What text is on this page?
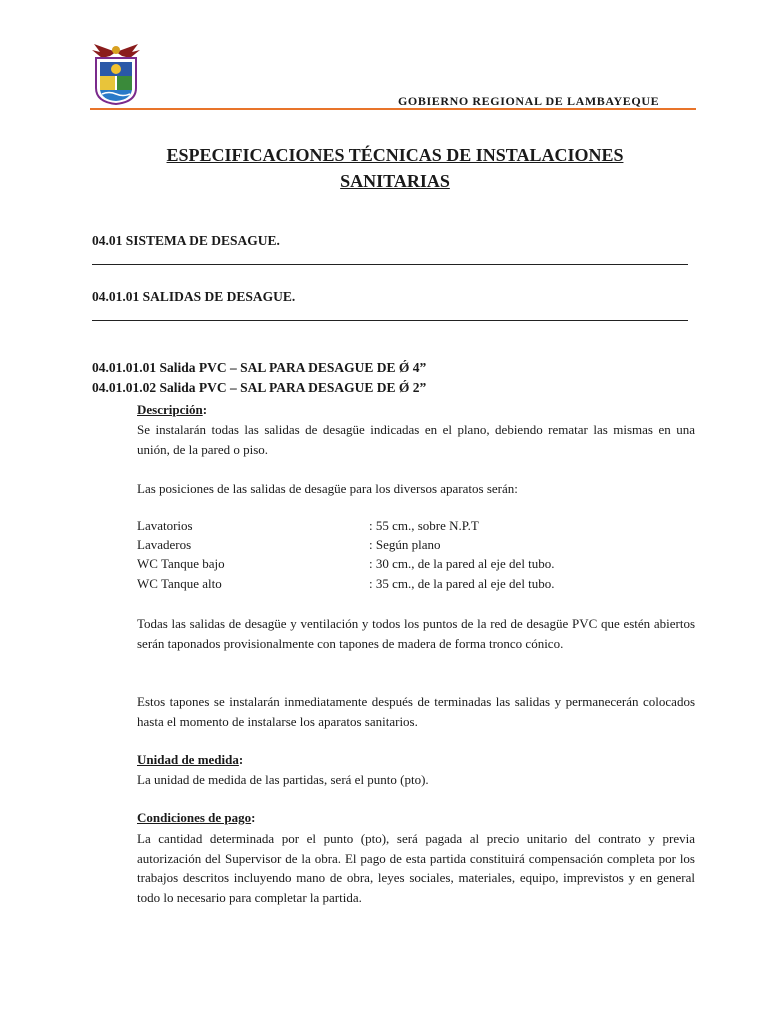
GOBIERNO REGIONAL DE LAMBAYEQUE
ESPECIFICACIONES TÉCNICAS DE INSTALACIONES
SANITARIAS
04.01 SISTEMA DE DESAGUE.
04.01.01 SALIDAS DE DESAGUE.
04.01.01.01 Salida PVC – SAL PARA DESAGUE DE Ǿ 4”
04.01.01.02 Salida PVC – SAL PARA DESAGUE DE Ǿ 2”
Descripción:
Se instalarán todas las salidas de desagüe indicadas en el plano, debiendo rematar las mismas en una unión, de la pared o piso.
Las posiciones de las salidas de desagüe para los diversos aparatos serán:
Lavatorios	: 55 cm., sobre N.P.T
Lavaderos	: Según plano
WC Tanque bajo	: 30 cm., de la pared al eje del tubo.
WC Tanque alto	: 35 cm., de la pared al eje del tubo.
Todas las salidas de desagüe y ventilación y todos los puntos de la red de desagüe PVC que estén abiertos serán taponados provisionalmente con tapones de madera de forma tronco cónico.
Estos tapones se instalarán inmediatamente después de terminadas las salidas y permanecerán colocados hasta el momento de instalarse los aparatos sanitarios.
Unidad de medida:
La unidad de medida de las partidas, será el punto (pto).
Condiciones de pago:
La cantidad determinada por el punto (pto), será pagada al precio unitario del contrato y previa autorización del Supervisor de la obra. El pago de esta partida constituirá compensación completa por los trabajos descritos incluyendo mano de obra, leyes sociales, materiales, equipo, imprevistos y en general todo lo necesario para completar la partida.
